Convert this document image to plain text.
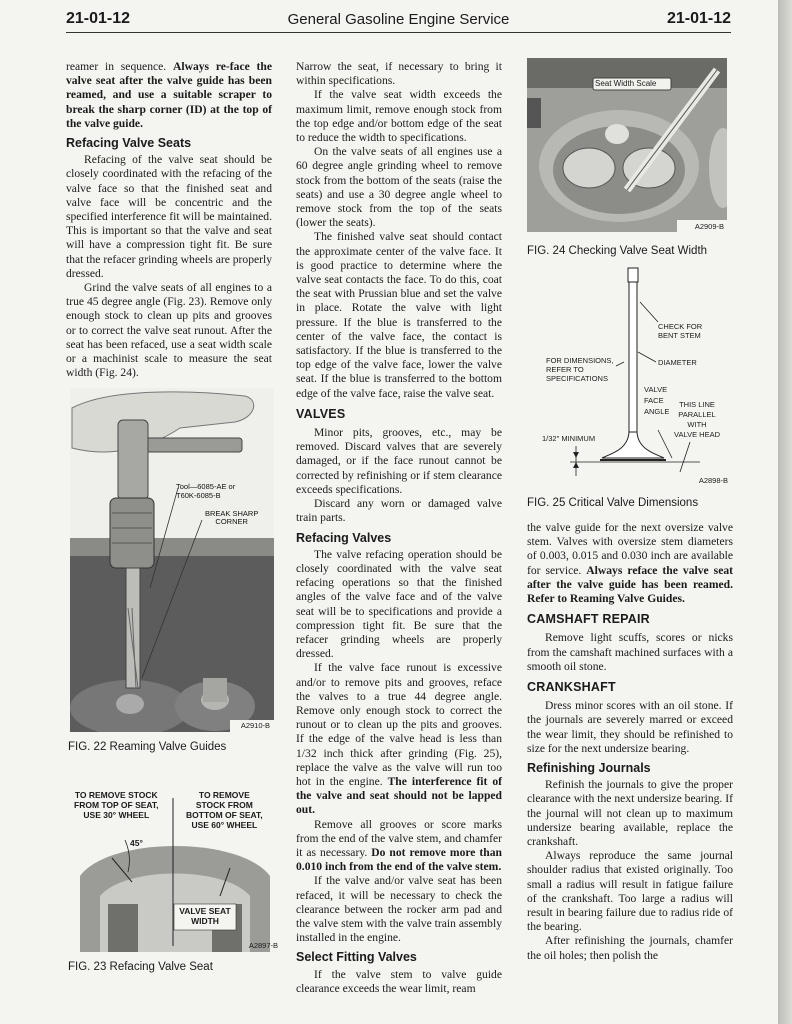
21-01-12	General Gasoline Engine Service	21-01-12

reamer in sequence. Always re-face the valve seat after the valve guide has been reamed, and use a suitable scraper to break the sharp corner (ID) at the top of the valve guide.

Refacing Valve Seats

Refacing of the valve seat should be closely coordinated with the refacing of the valve face so that the finished seat and valve face will be concentric and the specified interference fit will be maintained. This is important so that the valve and seat will have a compression tight fit. Be sure that the refacer grinding wheels are properly dressed.

Grind the valve seats of all engines to a true 45 degree angle (Fig. 23). Remove only enough stock to clean up pits and grooves or to correct the valve seat runout. After the seat has been refaced, use a seat width scale or a machinist scale to measure the seat width (Fig. 24).

Narrow the seat, if necessary to bring it within specifications.

If the valve seat width exceeds the maximum limit, remove enough stock from the top edge and/or bottom edge of the seat to reduce the width to specifications.

On the valve seats of all engines use a 60 degree angle grinding wheel to remove stock from the bottom of the seats (raise the seats) and use a 30 degree angle wheel to remove stock from the top of the seats (lower the seats).

The finished valve seat should contact the approximate center of the valve face. It is good practice to determine where the valve seat contacts the face. To do this, coat the seat with Prussian blue and set the valve in place. Rotate the valve with light pressure. If the blue is transferred to the center of the valve face, the contact is satisfactory. If the blue is transferred to the top edge of the valve face, lower the valve seat. If the blue is transferred to the bottom edge of the valve face, raise the valve seat.

VALVES

Minor pits, grooves, etc., may be removed. Discard valves that are severely damaged, or if the face runout cannot be corrected by refinishing or if stem clearance exceeds specifications.

Discard any worn or damaged valve train parts.

Refacing Valves

The valve refacing operation should be closely coordinated with the valve seat refacing operations so that the finished angles of the valve face and of the valve seat will be to specifications and provide a compression tight fit. Be sure that the refacer grinding wheels are properly dressed.

If the valve face runout is excessive and/or to remove pits and grooves, reface the valves to a true 44 degree angle. Remove only enough stock to correct the runout or to clean up the pits and grooves. If the edge of the valve head is less than 1/32 inch thick after grinding (Fig. 25), replace the valve as the valve will run too hot in the engine. The interference fit of the valve and seat should not be lapped out.

Remove all grooves or score marks from the end of the valve stem, and chamfer it as necessary. Do not remove more than 0.010 inch from the end of the valve stem.

If the valve and/or valve seat has been refaced, it will be necessary to check the clearance between the rocker arm pad and the valve stem with the valve train assembly installed in the engine.

Select Fitting Valves

If the valve stem to valve guide clearance exceeds the wear limit, ream

the valve guide for the next oversize valve stem. Valves with oversize stem diameters of 0.003, 0.015 and 0.030 inch are available for service. Always reface the valve seat after the valve guide has been reamed. Refer to Reaming Valve Guides.

CAMSHAFT REPAIR

Remove light scuffs, scores or nicks from the camshaft machined surfaces with a smooth oil stone.

CRANKSHAFT

Dress minor scores with an oil stone. If the journals are severely marred or exceed the wear limit, they should be refinished to size for the next undersize bearing.

Refinishing Journals

Refinish the journals to give the proper clearance with the next undersize bearing. If the journal will not clean up to maximum undersize bearing available, replace the crankshaft.

Always reproduce the same journal shoulder radius that existed originally. Too small a radius will result in fatigue failure of the crankshaft. Too large a radius will result in bearing failure due to radius ride of the bearing.

After refinishing the journals, chamfer the oil holes; then polish the

Tool—6085-AE or
T60K-6085-B
BREAK SHARP
CORNER
A2910-B
FIG. 22 Reaming Valve Guides
TO REMOVE STOCK
FROM TOP OF SEAT,
USE 30° WHEEL
TO REMOVE
STOCK FROM
BOTTOM OF SEAT,
USE 60° WHEEL
45°
VALVE SEAT
WIDTH
A2897-B
FIG. 23 Refacing Valve Seat
Seat Width Scale
A2909-B
FIG. 24 Checking Valve Seat Width
CHECK FOR
BENT STEM
FOR DIMENSIONS,
REFER TO
SPECIFICATIONS
DIAMETER
VALVE
FACE
ANGLE
THIS LINE
PARALLEL
WITH
VALVE HEAD
1/32" MINIMUM
A2898-B
FIG. 25 Critical Valve Dimensions
